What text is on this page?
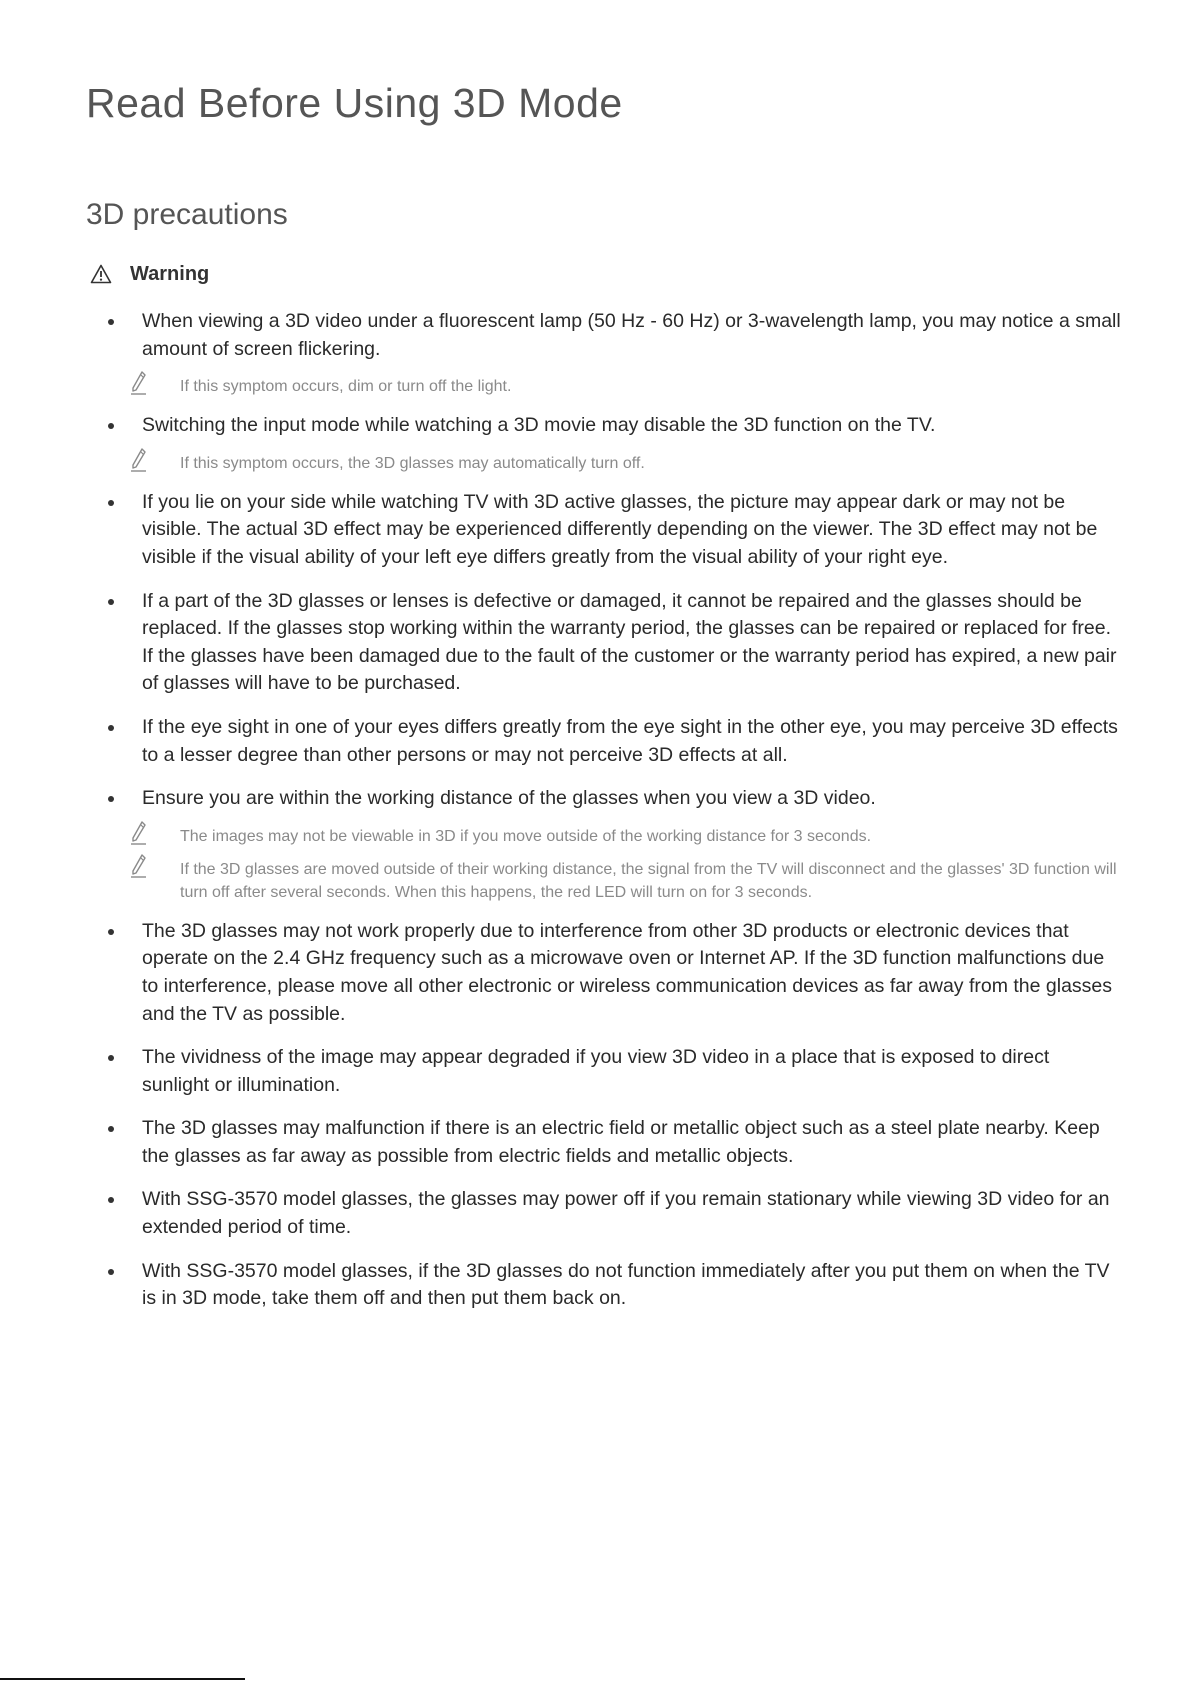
Read Before Using 3D Mode
3D precautions
Warning
When viewing a 3D video under a fluorescent lamp (50 Hz - 60 Hz) or 3-wavelength lamp, you may notice a small amount of screen flickering.
If this symptom occurs, dim or turn off the light.
Switching the input mode while watching a 3D movie may disable the 3D function on the TV.
If this symptom occurs, the 3D glasses may automatically turn off.
If you lie on your side while watching TV with 3D active glasses, the picture may appear dark or may not be visible. The actual 3D effect may be experienced differently depending on the viewer. The 3D effect may not be visible if the visual ability of your left eye differs greatly from the visual ability of your right eye.
If a part of the 3D glasses or lenses is defective or damaged, it cannot be repaired and the glasses should be replaced. If the glasses stop working within the warranty period, the glasses can be repaired or replaced for free. If the glasses have been damaged due to the fault of the customer or the warranty period has expired, a new pair of glasses will have to be purchased.
If the eye sight in one of your eyes differs greatly from the eye sight in the other eye, you may perceive 3D effects to a lesser degree than other persons or may not perceive 3D effects at all.
Ensure you are within the working distance of the glasses when you view a 3D video.
The images may not be viewable in 3D if you move outside of the working distance for 3 seconds.
If the 3D glasses are moved outside of their working distance, the signal from the TV will disconnect and the glasses' 3D function will turn off after several seconds. When this happens, the red LED will turn on for 3 seconds.
The 3D glasses may not work properly due to interference from other 3D products or electronic devices that operate on the 2.4 GHz frequency such as a microwave oven or Internet AP. If the 3D function malfunctions due to interference, please move all other electronic or wireless communication devices as far away from the glasses and the TV as possible.
The vividness of the image may appear degraded if you view 3D video in a place that is exposed to direct sunlight or illumination.
The 3D glasses may malfunction if there is an electric field or metallic object such as a steel plate nearby. Keep the glasses as far away as possible from electric fields and metallic objects.
With SSG-3570 model glasses, the glasses may power off if you remain stationary while viewing 3D video for an extended period of time.
With SSG-3570 model glasses, if the 3D glasses do not function immediately after you put them on when the TV is in 3D mode, take them off and then put them back on.
